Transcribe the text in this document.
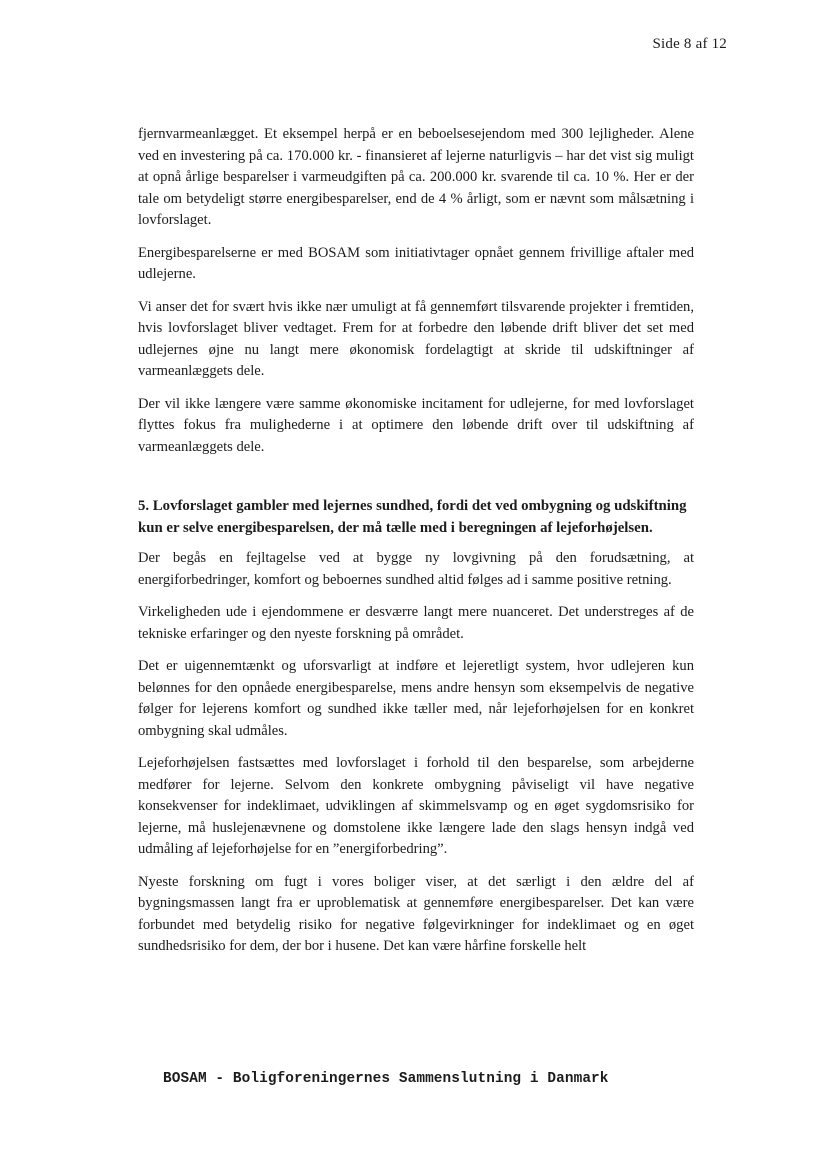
Side 8 af 12

fjernvarmeanlægget. Et eksempel herpå er en beboelsesejendom med 300 lejligheder. Alene ved en investering på ca. 170.000 kr. - finansieret af lejerne naturligvis – har det vist sig muligt at opnå årlige besparelser i varmeudgiften på ca. 200.000 kr. svarende til ca. 10 %. Her er der tale om betydeligt større energibesparelser, end de 4 % årligt, som er nævnt som målsætning i lovforslaget.

Energibesparelserne er med BOSAM som initiativtager opnået gennem frivillige aftaler med udlejerne.

Vi anser det for svært hvis ikke nær umuligt at få gennemført tilsvarende projekter i fremtiden, hvis lovforslaget bliver vedtaget. Frem for at forbedre den løbende drift bliver det set med udlejernes øjne nu langt mere økonomisk fordelagtigt at skride til udskiftninger af varmeanlæggets dele.

Der vil ikke længere være samme økonomiske incitament for udlejerne, for med lovforslaget flyttes fokus fra mulighederne i at optimere den løbende drift over til udskiftning af varmeanlæggets dele.

5. Lovforslaget gambler med lejernes sundhed, fordi det ved ombygning og udskiftning kun er selve energibesparelsen, der må tælle med i beregningen af lejeforhøjelsen.

Der begås en fejltagelse ved at bygge ny lovgivning på den forudsætning, at energiforbedringer, komfort og beboernes sundhed altid følges ad i samme positive retning.

Virkeligheden ude i ejendommene er desværre langt mere nuanceret. Det understreges af de tekniske erfaringer og den nyeste forskning på området.

Det er uigennemtænkt og uforsvarligt at indføre et lejeretligt system, hvor udlejeren kun belønnes for den opnåede energibesparelse, mens andre hensyn som eksempelvis de negative følger for lejerens komfort og sundhed ikke tæller med, når lejeforhøjelsen for en konkret ombygning skal udmåles.

Lejeforhøjelsen fastsættes med lovforslaget i forhold til den besparelse, som arbejderne medfører for lejerne. Selvom den konkrete ombygning påviseligt vil have negative konsekvenser for indeklimaet, udviklingen af skimmelsvamp og en øget sygdomsrisiko for lejerne, må huslejenævnene og domstolene ikke længere lade den slags hensyn indgå ved udmåling af lejeforhøjelse for en ”energiforbedring”.

Nyeste forskning om fugt i vores boliger viser, at det særligt i den ældre del af bygningsmassen langt fra er uproblematisk at gennemføre energibesparelser. Det kan være forbundet med betydelig risiko for negative følgevirkninger for indeklimaet og en øget sundhedsrisiko for dem, der bor i husene. Det kan være hårfine forskelle helt

BOSAM - Boligforeningernes Sammenslutning i Danmark
